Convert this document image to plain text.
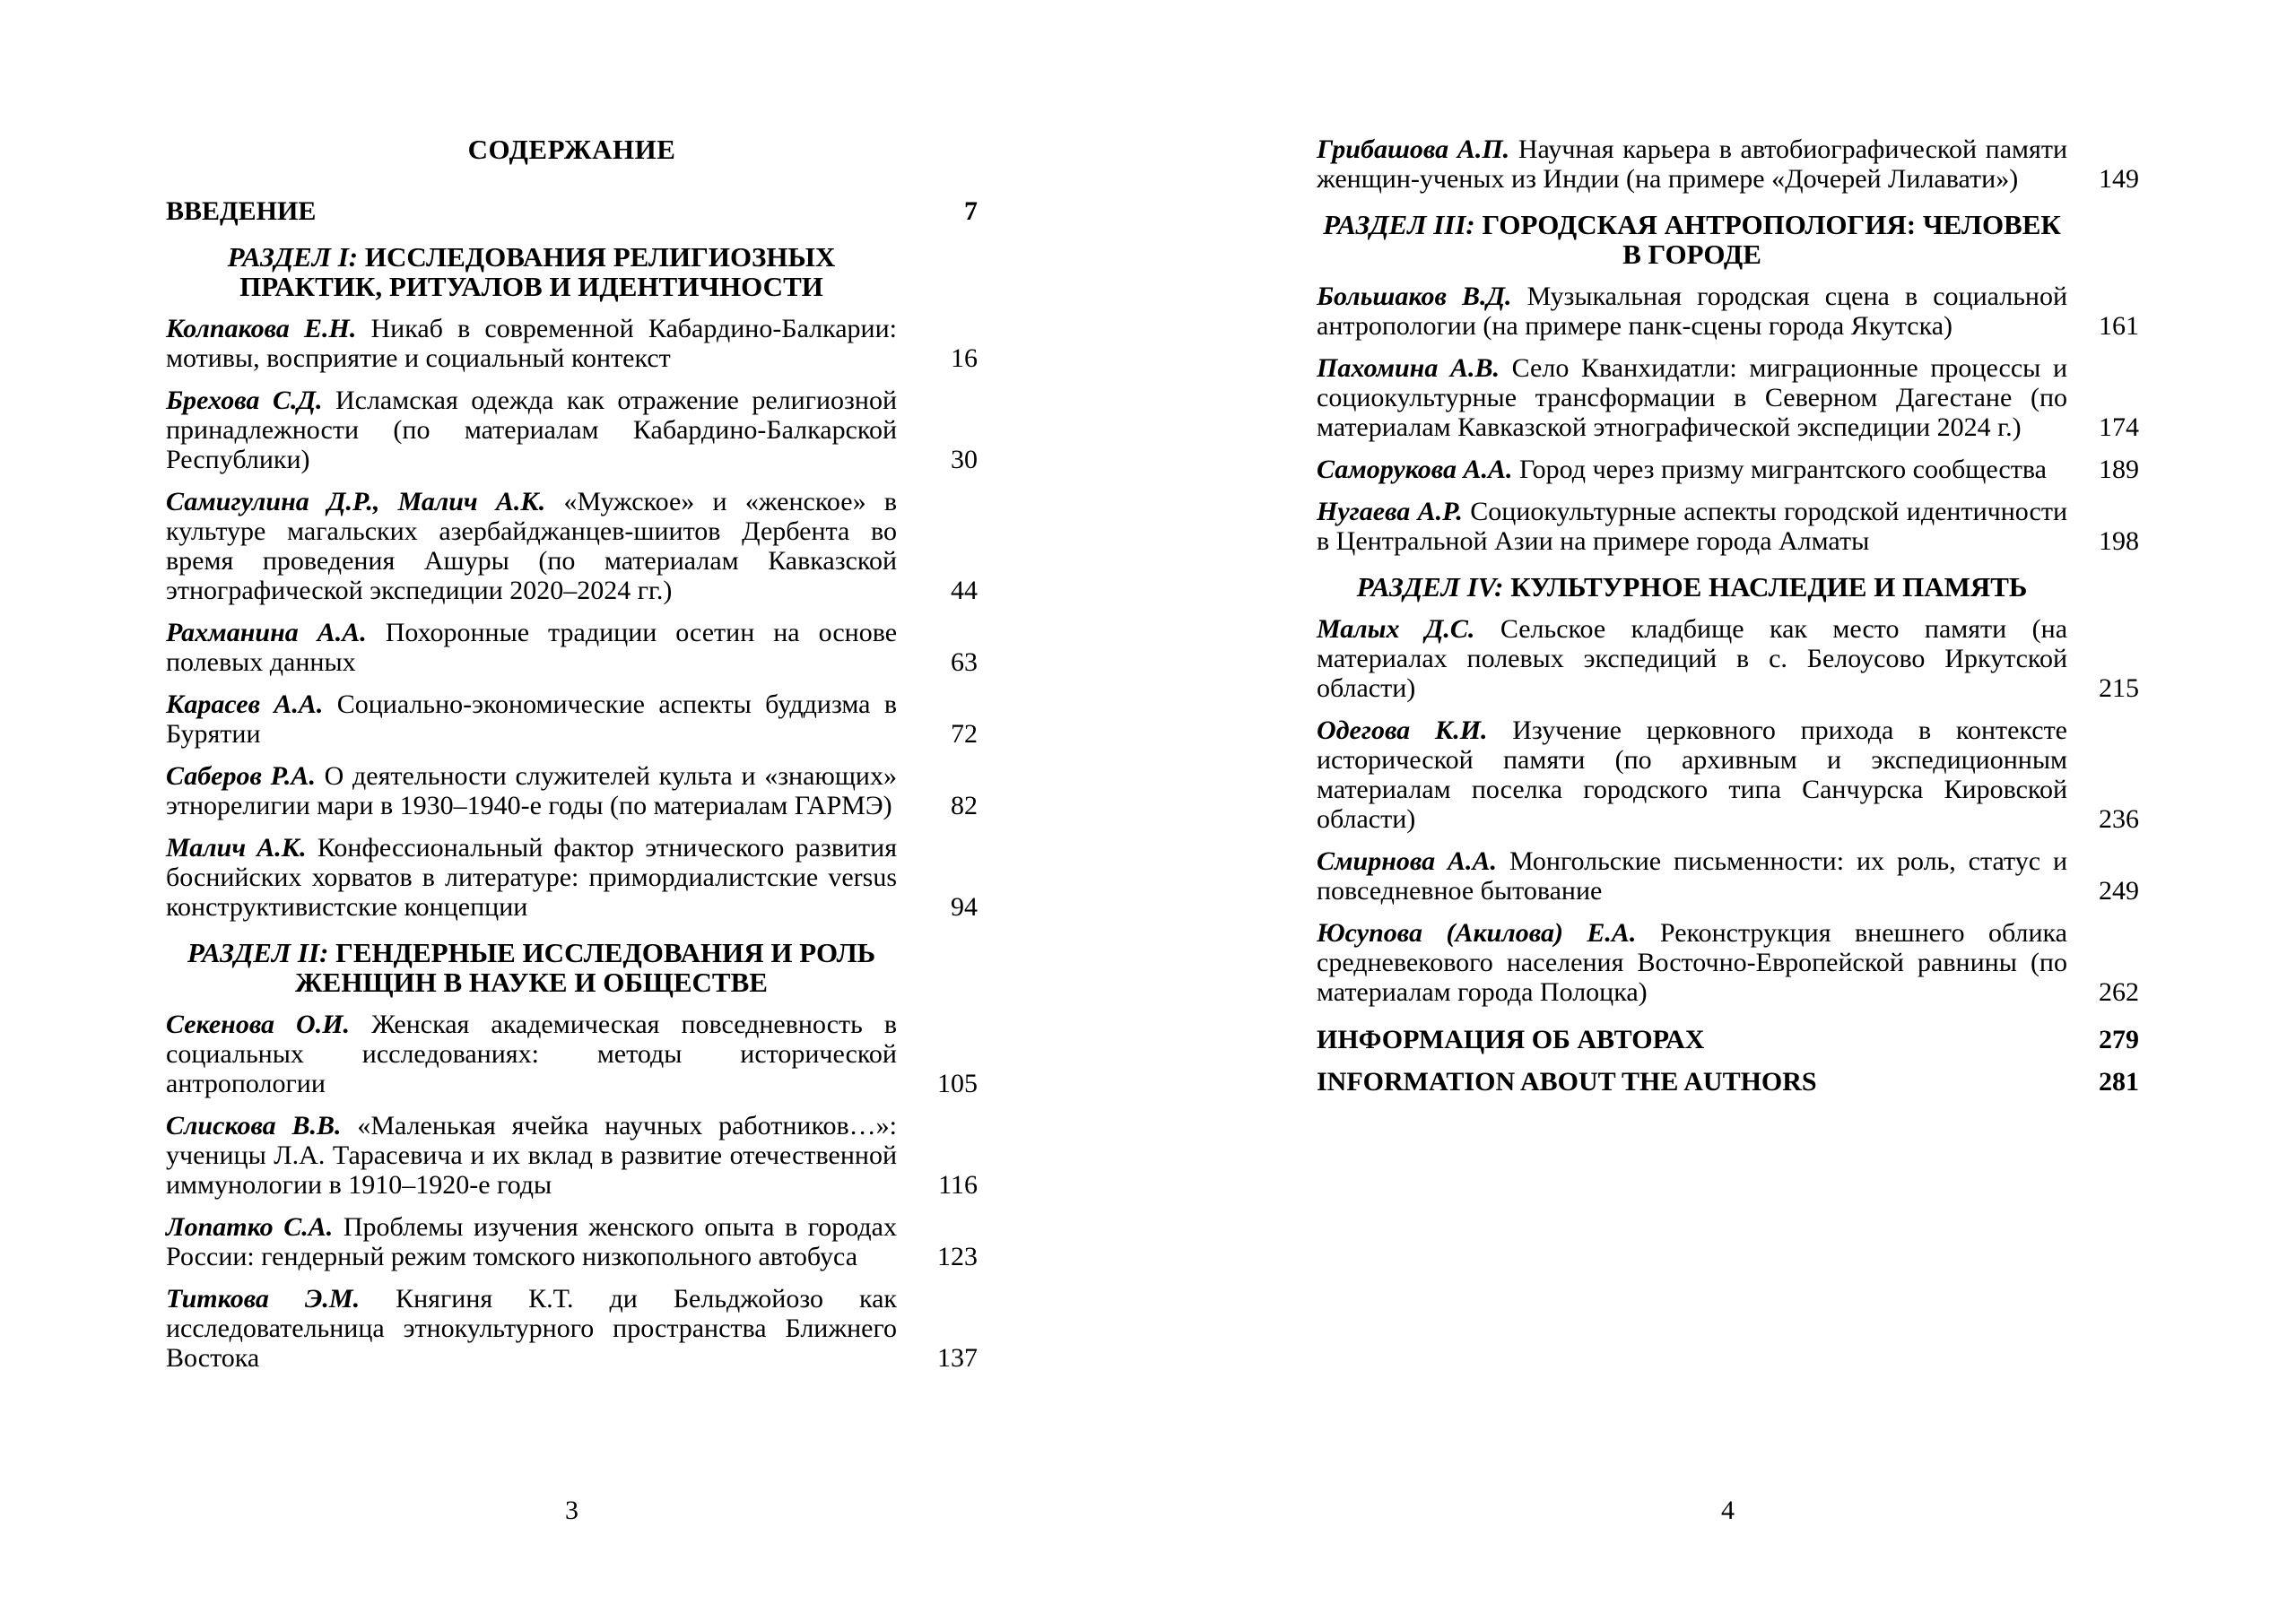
СОДЕРЖАНИЕ
ВВЕДЕНИЕ	7
РАЗДЕЛ I: ИССЛЕДОВАНИЯ РЕЛИГИОЗНЫХ ПРАКТИК, РИТУАЛОВ И ИДЕНТИЧНОСТИ
Колпакова Е.Н. Никаб в современной Кабардино-Балкарии: мотивы, восприятие и социальный контекст	16
Брехова С.Д. Исламская одежда как отражение религиозной принадлежности (по материалам Кабардино-Балкарской Республики)	30
Самигулина Д.Р., Малич А.К. «Мужское» и «женское» в культуре магальских азербайджанцев-шиитов Дербента во время проведения Ашуры (по материалам Кавказской этнографической экспедиции 2020–2024 гг.)	44
Рахманина А.А. Похоронные традиции осетин на основе полевых данных	63
Карасев А.А. Социально-экономические аспекты буддизма в Бурятии	72
Саберов Р.А. О деятельности служителей культа и «знающих» этнорелигии мари в 1930–1940-е годы (по материалам ГАРМЭ) 82
Малич А.К. Конфессиональный фактор этнического развития боснийских хорватов в литературе: примордиалистские versus конструктивистские концепции	94
РАЗДЕЛ II: ГЕНДЕРНЫЕ ИССЛЕДОВАНИЯ И РОЛЬ ЖЕНЩИН В НАУКЕ И ОБЩЕСТВЕ
Секенова О.И. Женская академическая повседневность в социальных исследованиях: методы исторической антропологии	105
Слискова В.В. «Маленькая ячейка научных работников…»: ученицы Л.А. Тарасевича и их вклад в развитие отечественной иммунологии в 1910–1920-е годы	116
Лопатко С.А. Проблемы изучения женского опыта в городах России: гендерный режим томского низкопольного автобуса	123
Титкова Э.М. Княгиня К.Т. ди Бельджойозо как исследовательница этнокультурного пространства Ближнего Востока	137
Грибашова А.П. Научная карьера в автобиографической памяти женщин-ученых из Индии (на примере «Дочерей Лилавати»)	149
РАЗДЕЛ III: ГОРОДСКАЯ АНТРОПОЛОГИЯ: ЧЕЛОВЕК В ГОРОДЕ
Большаков В.Д. Музыкальная городская сцена в социальной антропологии (на примере панк-сцены города Якутска)	161
Пахомина А.В. Село Кванхидатли: миграционные процессы и социокультурные трансформации в Северном Дагестане (по материалам Кавказской этнографической экспедиции 2024 г.)	174
Саморукова А.А. Город через призму мигрантского сообщества 189
Нугаева А.Р. Социокультурные аспекты городской идентичности в Центральной Азии на примере города Алматы	198
РАЗДЕЛ IV: КУЛЬТУРНОЕ НАСЛЕДИЕ И ПАМЯТЬ
Малых Д.С. Сельское кладбище как место памяти (на материалах полевых экспедиций в с. Белоусово Иркутской области)	215
Одегова К.И. Изучение церковного прихода в контексте исторической памяти (по архивным и экспедиционным материалам поселка городского типа Санчурска Кировской области)	236
Смирнова А.А. Монгольские письменности: их роль, статус и повседневное бытование	249
Юсупова (Акилова) Е.А. Реконструкция внешнего облика средневекового населения Восточно-Европейской равнины (по материалам города Полоцка)	262
ИНФОРМАЦИЯ ОБ АВТОРАХ	279
INFORMATION ABOUT THE AUTHORS	281
3	4
